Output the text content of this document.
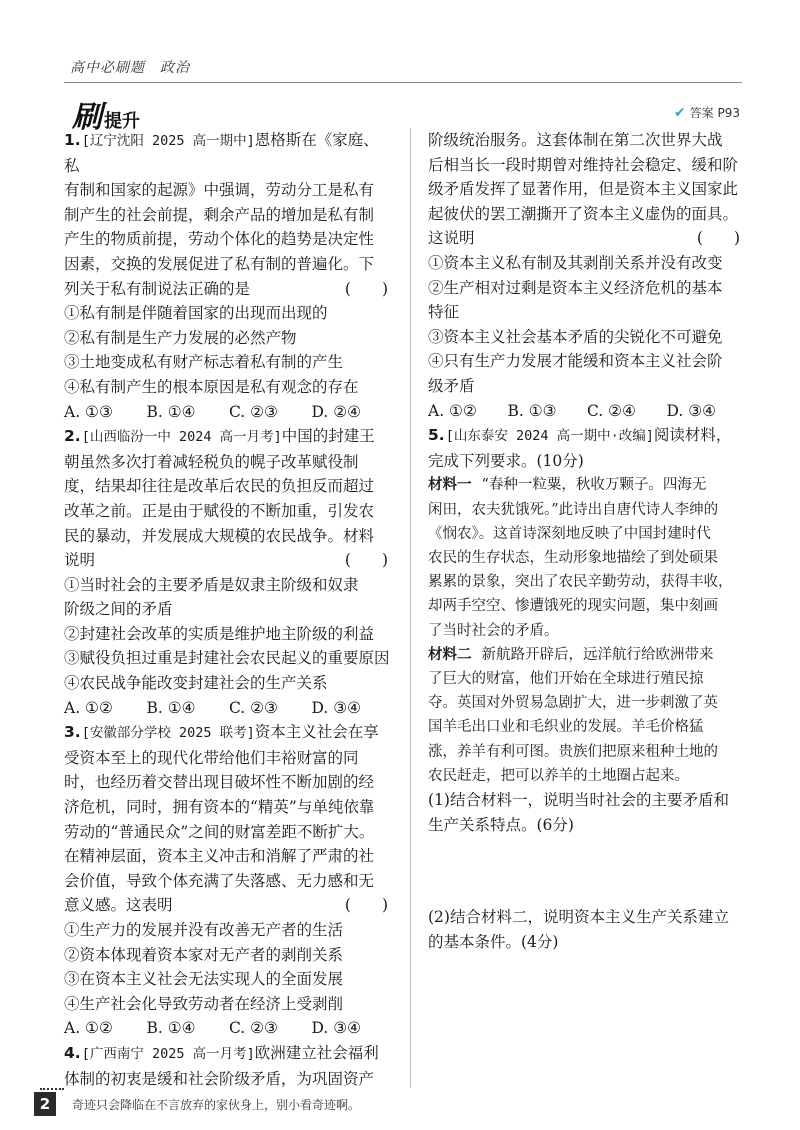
高中必刷题　政治
刷 提升	✔ 答案 P93

1.[辽宁沈阳 2025 高一期中]恩格斯在《家庭、私

有制和国家的起源》中强调，劳动分工是私有

制产生的社会前提，剩余产品的增加是私有制

产生的物质前提，劳动个体化的趋势是决定性

因素，交换的发展促进了私有制的普遍化。下

列关于私有制说法正确的是	(　　)

①私有制是伴随着国家的出现而出现的

②私有制是生产力发展的必然产物

③土地变成私有财产标志着私有制的产生

④私有制产生的根本原因是私有观念的存在

A. ①③	B. ①④	C. ②③	D. ②④

2.[山西临汾一中 2024 高一月考]中国的封建王

朝虽然多次打着减轻税负的幌子改革赋役制

度，结果却往往是改革后农民的负担反而超过

改革之前。正是由于赋役的不断加重，引发农

民的暴动，并发展成大规模的农民战争。材料

说明	(　　)

①当时社会的主要矛盾是奴隶主阶级和奴隶

阶级之间的矛盾

②封建社会改革的实质是维护地主阶级的利益

③赋役负担过重是封建社会农民起义的重要原因

④农民战争能改变封建社会的生产关系

A. ①②	B. ①④	C. ②③	D. ③④

3.[安徽部分学校 2025 联考]资本主义社会在享

受资本至上的现代化带给他们丰裕财富的同

时，也经历着交替出现目破坏性不断加剧的经

济危机，同时，拥有资本的“精英”与单纯依靠

劳动的“普通民众”之间的财富差距不断扩大。

在精神层面，资本主义冲击和消解了严肃的社

会价值，导致个体充满了失落感、无力感和无

意义感。这表明	(　　)

①生产力的发展并没有改善无产者的生活

②资本体现着资本家对无产者的剥削关系

③在资本主义社会无法实现人的全面发展

④生产社会化导致劳动者在经济上受剥削

A. ①②	B. ①④	C. ②③	D. ③④

4.[广西南宁 2025 高一月考]欧洲建立社会福利

体制的初衷是缓和社会阶级矛盾，为巩固资产

阶级统治服务。这套体制在第二次世界大战

后相当长一段时期曾对维持社会稳定、缓和阶

级矛盾发挥了显著作用，但是资本主义国家此

起彼伏的罢工潮撕开了资本主义虚伪的面具。

这说明	(　　)

①资本主义私有制及其剥削关系并没有改变

②生产相对过剩是资本主义经济危机的基本

特征

③资本主义社会基本矛盾的尖锐化不可避免

④只有生产力发展才能缓和资本主义社会阶

级矛盾

A. ①②	B. ①③	C. ②④	D. ③④

5.[山东泰安 2024 高一期中·改编]阅读材料，

完成下列要求。(10分)

材料一 “春种一粒粟，秋收万颗子。四海无

闲田，农夫犹饿死。”此诗出自唐代诗人李绅的

《悯农》。这首诗深刻地反映了中国封建时代

农民的生存状态，生动形象地描绘了到处硕果

累累的景象，突出了农民辛勤劳动，获得丰收，

却两手空空、惨遭饿死的现实问题，集中刻画

了当时社会的矛盾。

材料二 新航路开辟后，远洋航行给欧洲带来

了巨大的财富，他们开始在全球进行殖民掠

夺。英国对外贸易急剧扩大，进一步刺激了英

国羊毛出口业和毛织业的发展。羊毛价格猛

涨，养羊有利可图。贵族们把原来租种土地的

农民赶走，把可以养羊的土地圈占起来。

(1)结合材料一，说明当时社会的主要矛盾和

生产关系特点。(6分)

(2)结合材料二，说明资本主义生产关系建立

的基本条件。(4分)

2	奇迹只会降临在不言放弃的家伙身上，别小看奇迹啊。
